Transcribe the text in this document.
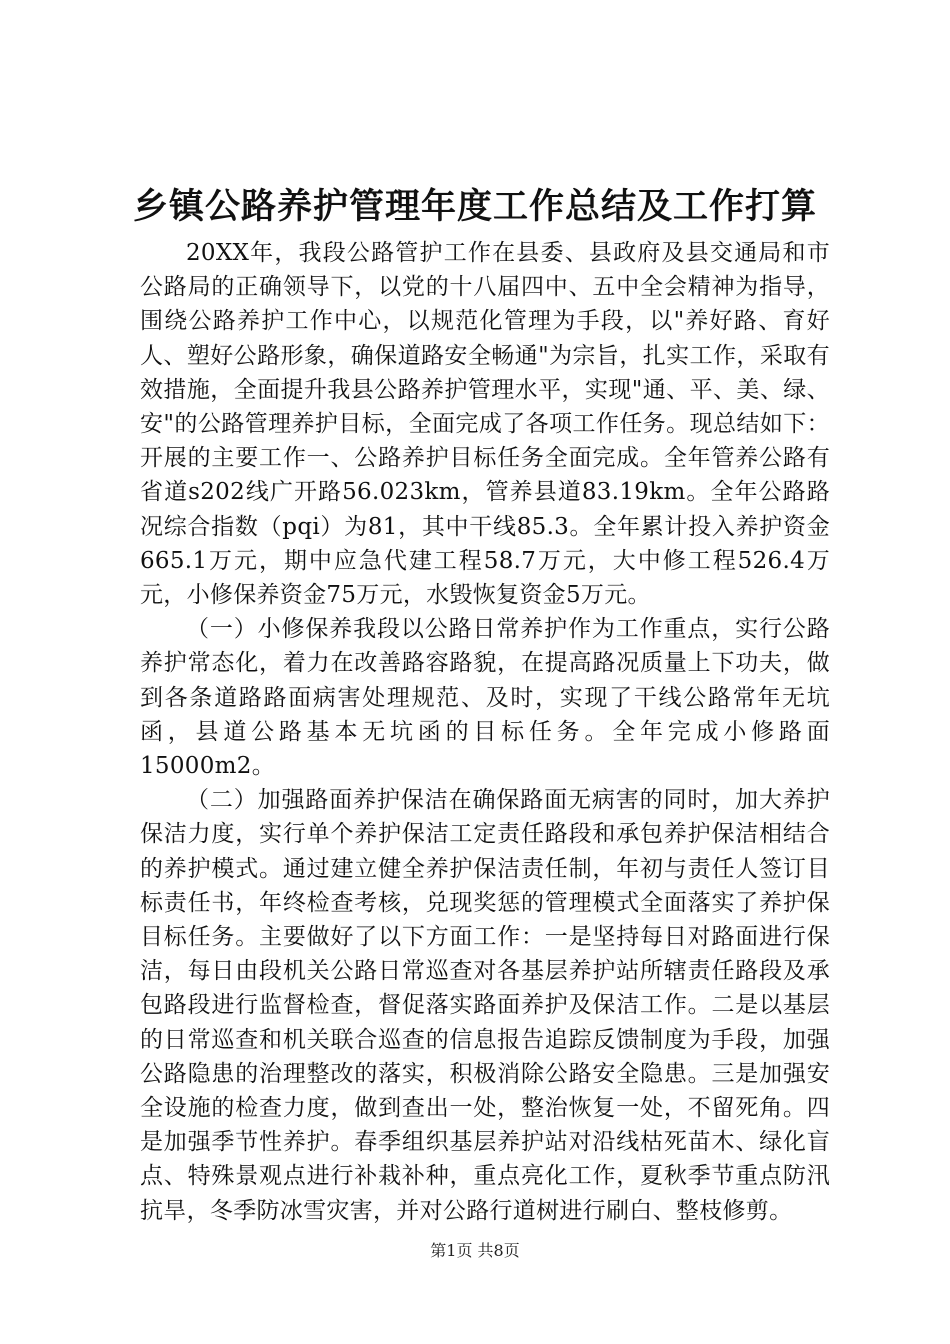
乡镇公路养护管理年度工作总结及工作打算

20XX年，我段公路管护工作在县委、县政府及县交通局和市公路局的正确领导下，以党的十八届四中、五中全会精神为指导，围绕公路养护工作中心，以规范化管理为手段，以"养好路、育好人、塑好公路形象，确保道路安全畅通"为宗旨，扎实工作，采取有效措施，全面提升我县公路养护管理水平，实现"通、平、美、绿、安"的公路管理养护目标，全面完成了各项工作任务。现总结如下：开展的主要工作一、公路养护目标任务全面完成。全年管养公路有省道s202线广开路56.023km，管养县道83.19km。全年公路路况综合指数（pqi）为81，其中干线85.3。全年累计投入养护资金665.1万元，期中应急代建工程58.7万元，大中修工程526.4万元，小修保养资金75万元，水毁恢复资金5万元。

（一）小修保养我段以公路日常养护作为工作重点，实行公路养护常态化，着力在改善路容路貌，在提高路况质量上下功夫，做到各条道路路面病害处理规范、及时，实现了干线公路常年无坑函，县道公路基本无坑函的目标任务。全年完成小修路面15000m2。

（二）加强路面养护保洁在确保路面无病害的同时，加大养护保洁力度，实行单个养护保洁工定责任路段和承包养护保洁相结合的养护模式。通过建立健全养护保洁责任制，年初与责任人签订目标责任书，年终检查考核，兑现奖惩的管理模式全面落实了养护保目标任务。主要做好了以下方面工作：一是坚持每日对路面进行保洁，每日由段机关公路日常巡查对各基层养护站所辖责任路段及承包路段进行监督检查，督促落实路面养护及保洁工作。二是以基层的日常巡查和机关联合巡查的信息报告追踪反馈制度为手段，加强公路隐患的治理整改的落实，积极消除公路安全隐患。三是加强安全设施的检查力度，做到查出一处，整治恢复一处，不留死角。四是加强季节性养护。春季组织基层养护站对沿线枯死苗木、绿化盲点、特殊景观点进行补栽补种，重点亮化工作，夏秋季节重点防汛抗旱，冬季防冰雪灾害，并对公路行道树进行刷白、整枝修剪。

第1页 共8页
